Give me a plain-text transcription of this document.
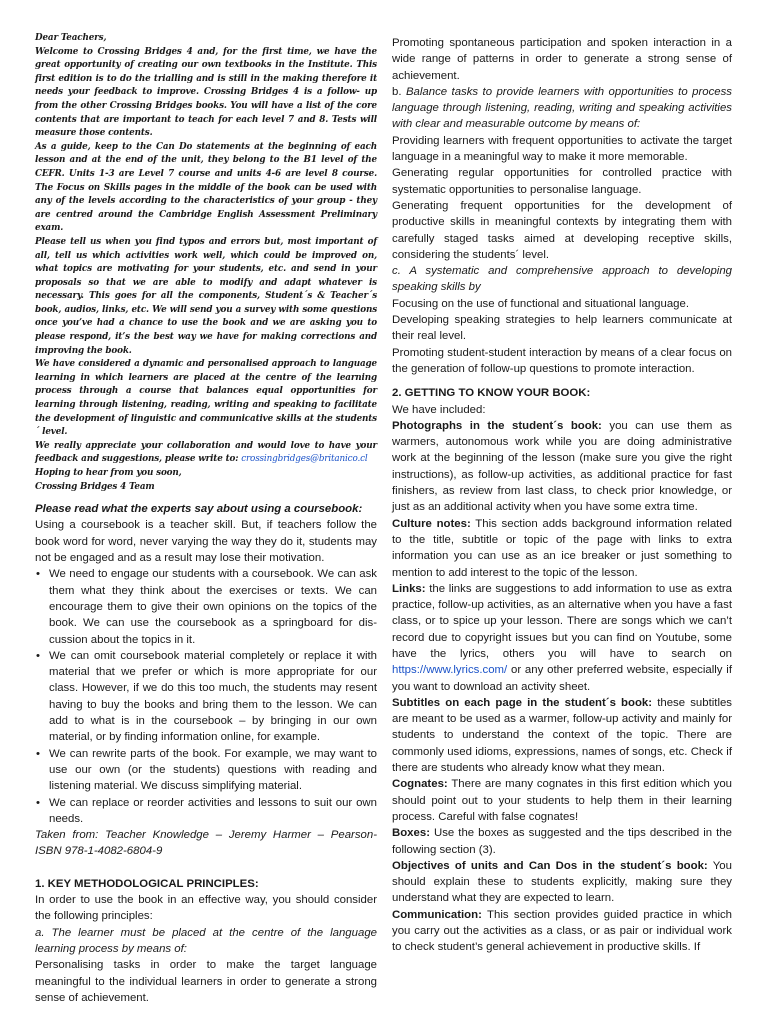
Dear Teachers,

Welcome to Crossing Bridges 4 and, for the first time, we have the great opportunity of creating our own textbooks in the Institute. This first edition is to do the trialling and is still in the making therefore it needs your feedback to improve. Crossing Bridges 4 is a follow- up from the other Crossing Bridges books. You will have a list of the core contents that are important to teach for each level 7 and 8. Tests will measure those contents.

As a guide, keep to the Can Do statements at the beginning of each lesson and at the end of the unit, they belong to the B1 level of the CEFR. Units 1-3 are Level 7 course and units 4-6 are level 8 course. The Focus on Skills pages in the middle of the book can be used with any of the levels according to the characteristics of your group - they are centred around the Cambridge English Assessment Preliminary exam.

Please tell us when you find typos and errors but, most important of all, tell us which activities work well, which could be improved on, what topics are motivating for your students, etc. and send in your proposals so that we are able to modify and adapt whatever is necessary. This goes for all the components, Student´s & Teacher´s book, audios, links, etc. We will send you a survey with some questions once you’ve had a chance to use the book and we are asking you to please respond, it’s the best way we have for making corrections and improving the book.

We have considered a dynamic and personalised approach to language learning in which learners are placed at the centre of the learning process through a course that balances equal opportunities for learning through listening, reading, writing and speaking to facilitate the development of linguistic and communicative skills at the students´ level.

We really appreciate your collaboration and would love to have your feedback and suggestions, please write to: crossingbridges@britanico.cl

Hoping to hear from you soon,

Crossing Bridges 4 Team

Please read what the experts say about using a coursebook:

Using a coursebook is a teacher skill. But, if teachers follow the book word for word, never varying the way they do it, students may not be engaged and as a result may lose their motivation.

• We need to engage our students with a coursebook. We can ask them what they think about the exercises or texts. We can encourage them to give their own opinions on the topics of the book. We can use the coursebook as a springboard for dis-cussion about the topics in it.
• We can omit coursebook material completely or replace it with material that we prefer or which is more appropriate for our class. However, if we do this too much, the students may resent having to buy the books and bring them to the lesson. We can add to what is in the coursebook – by bringing in our own material, or by finding information online, for example.
• We can rewrite parts of the book. For example, we may want to use our own (or the students) questions with reading and listening material. We discuss simplifying material.
• We can replace or reorder activities and lessons to suit our own needs.

Taken from: Teacher Knowledge – Jeremy Harmer – Pearson- ISBN 978-1-4082-6804-9

1. KEY METHODOLOGICAL PRINCIPLES:

In order to use the book in an effective way, you should consider the following principles:

a. The learner must be placed at the centre of the language learning process by means of:

Personalising tasks in order to make the target language meaningful to the individual learners in order to generate a strong sense of achievement.

Promoting spontaneous participation and spoken interaction in a wide range of patterns in order to generate a strong sense of achievement.

b. Balance tasks to provide learners with opportunities to process language through listening, reading, writing and speaking activities with clear and measurable outcome by means of:

Providing learners with frequent opportunities to activate the target language in a meaningful way to make it more memorable.

Generating regular opportunities for controlled practice with systematic opportunities to personalise language.

Generating frequent opportunities for the development of productive skills in meaningful contexts by integrating them with carefully staged tasks aimed at developing receptive skills, considering the students´ level.

c. A systematic and comprehensive approach to developing speaking skills by

Focusing on the use of functional and situational language.

Developing speaking strategies to help learners communicate at their real level.

Promoting student-student interaction by means of a clear focus on the generation of follow-up questions to promote interaction.

2. GETTING TO KNOW YOUR BOOK:

We have included:

Photographs in the student´s book: you can use them as warmers, autonomous work while you are doing administrative work at the beginning of the lesson (make sure you give the right instructions), as follow-up activities, as additional practice for fast finishers, as review from last class, to check prior knowledge, or just as an additional activity when you have some extra time.

Culture notes: This section adds background information related to the title, subtitle or topic of the page with links to extra information you can use as an ice breaker or just something to mention to add interest to the topic of the lesson.

Links: the links are suggestions to add information to use as extra practice, follow-up activities, as an alternative when you have a fast class, or to spice up your lesson. There are songs which we can’t record due to copyright issues but you can find on Youtube, some have the lyrics, others you will have to search on https://www.lyrics.com/ or any other preferred website, especially if you want to download an activity sheet.

Subtitles on each page in the student´s book: these subtitles are meant to be used as a warmer, follow-up activity and mainly for students to understand the context of the topic. There are commonly used idioms, expressions, names of songs, etc. Check if there are students who already know what they mean.

Cognates: There are many cognates in this first edition which you should point out to your students to help them in their learning process. Careful with false cognates!

Boxes: Use the boxes as suggested and the tips described in the following section (3).

Objectives of units and Can Dos in the student´s book: You should explain these to students explicitly, making sure they understand what they are expected to learn.

Communication: This section provides guided practice in which you carry out the activities as a class, or as pair or individual work to check student’s general achievement in productive skills. If
